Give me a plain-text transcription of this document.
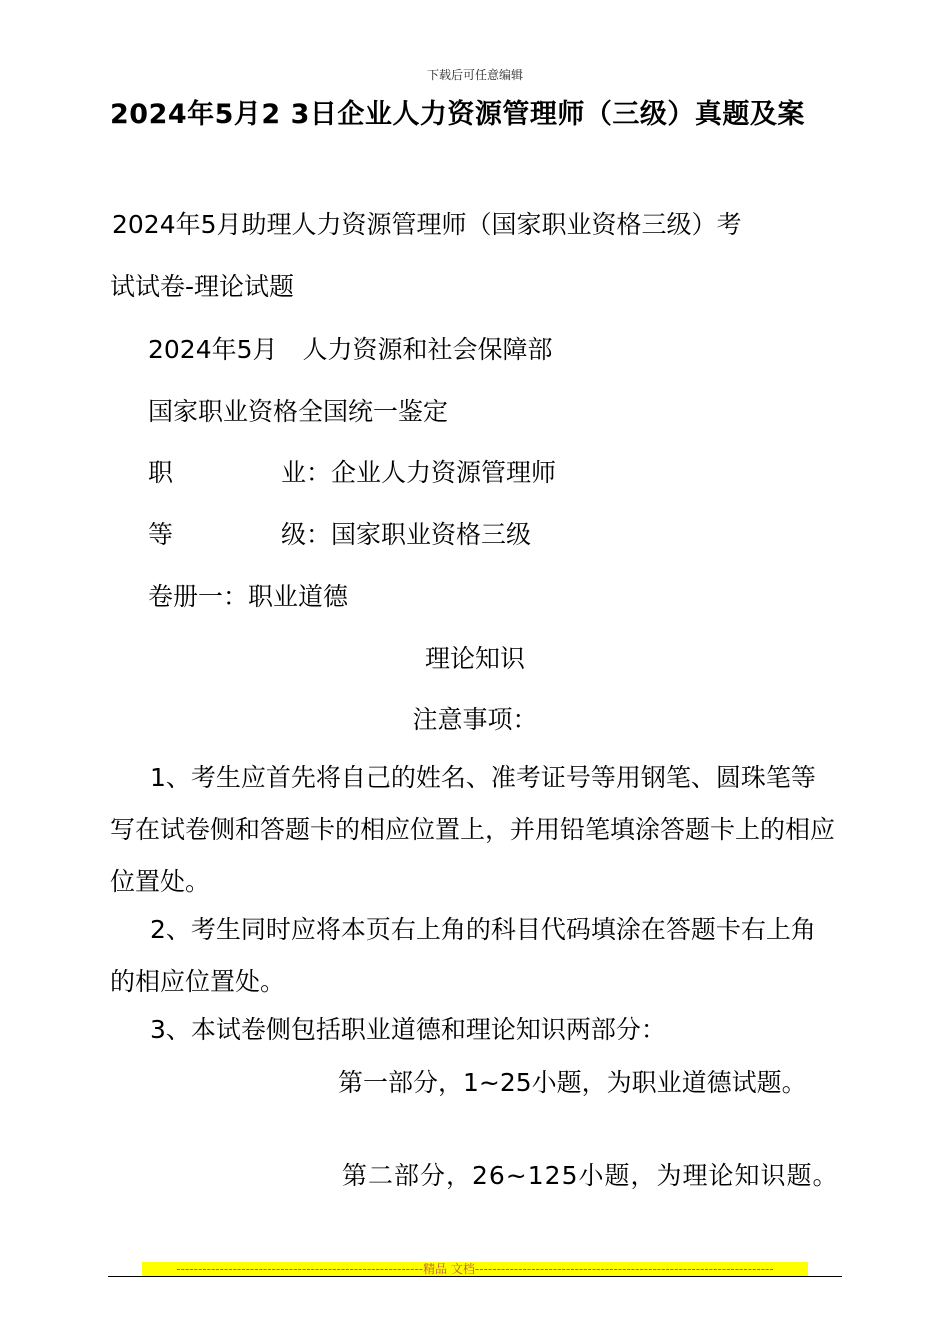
下载后可任意编辑
2024年5月2 3日企业人力资源管理师（三级）真题及案
2024年5月助理人力资源管理师（国家职业资格三级）考
试试卷-理论试题
2024年5月　人力资源和社会保障部
国家职业资格全国统一鉴定
职	业：企业人力资源管理师
等	级：国家职业资格三级
卷册一：职业道德
理论知识
注意事项：
1、考生应首先将自己的姓名、准考证号等用钢笔、圆珠笔等写在试卷侧和答题卡的相应位置上，并用铅笔填涂答题卡上的相应位置处。
2、考生同时应将本页右上角的科目代码填涂在答题卡右上角的相应位置处。
3、本试卷侧包括职业道德和理论知识两部分：
第一部分，1~25小题，为职业道德试题。
第二部分，26~125小题，为理论知识题。
---------------------------------------------------------精品 文档---------------------------------------------------------------------
